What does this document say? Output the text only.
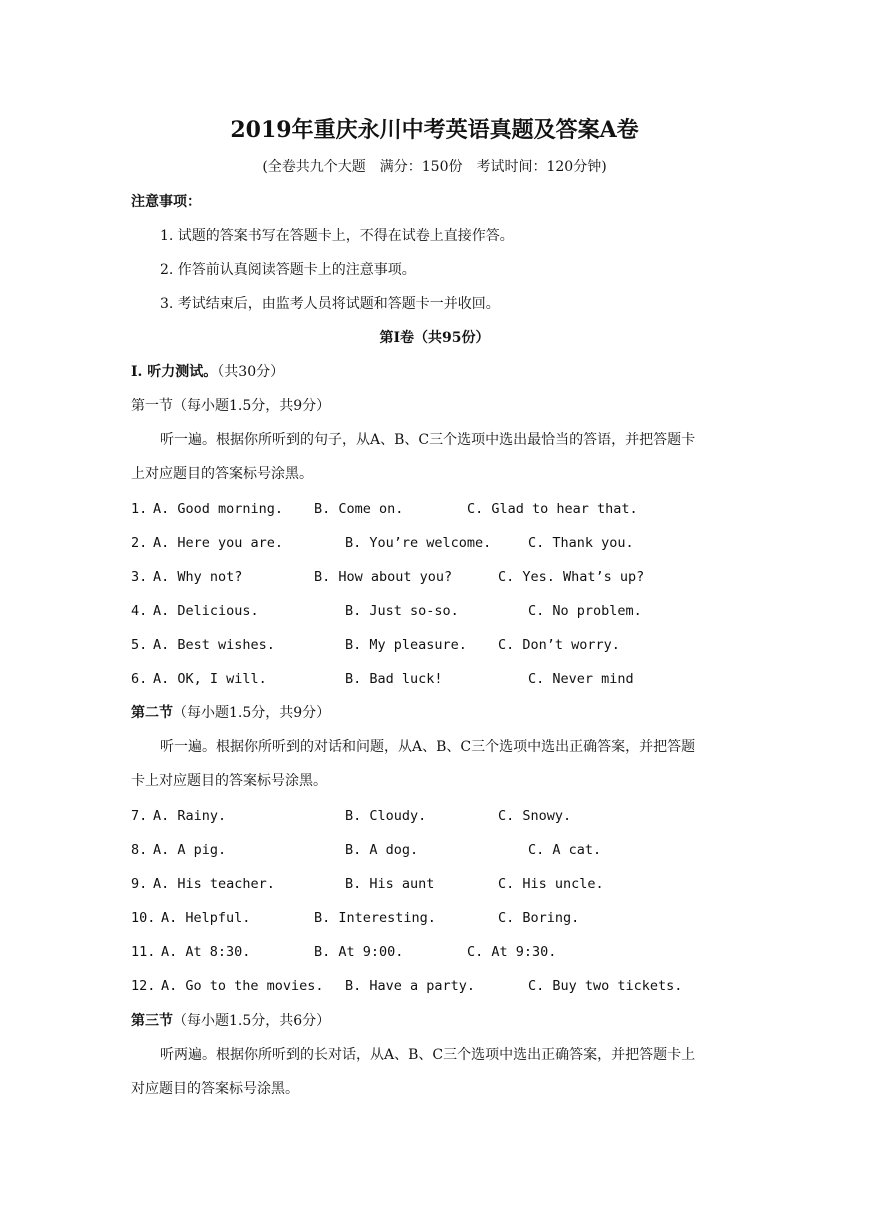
2019年重庆永川中考英语真题及答案A卷
(全卷共九个大题　满分：150份　考试时间：120分钟)
注意事项：
1. 试题的答案书写在答题卡上，不得在试卷上直接作答。
2. 作答前认真阅读答题卡上的注意事项。
3. 考试结束后，由监考人员将试题和答题卡一并收回。
第Ⅰ卷（共95份）
Ⅰ. 听力测试。（共30分）
第一节（每小题1.5分，共9分）
听一遍。根据你所听到的句子，从A、B、C三个选项中选出最恰当的答语，并把答题卡
上对应题目的答案标号涂黑。
1. A. Good morning. B. Come on.	C. Glad to hear that.
2. A. Here you are.	B. You’re welcome.	C. Thank you.
3. A. Why not?	B. How about you?	C. Yes. What’s up?
4. A. Delicious.	B. Just so-so.	C. No problem.
5. A. Best wishes.	B. My pleasure. C. Don’t worry.
6. A. OK, I will.	B. Bad luck!	C. Never mind
第二节（每小题1.5分，共9分）
听一遍。根据你所听到的对话和问题，从A、B、C三个选项中选出正确答案，并把答题
卡上对应题目的答案标号涂黑。
7. A. Rainy.	B. Cloudy.	C. Snowy.
8. A. A pig.	B. A dog.	C. A cat.
9. A. His teacher.	B. His aunt	C. His uncle.
10. A. Helpful.	B. Interesting.	C. Boring.
11. A. At 8:30.	B. At 9:00.	C. At 9:30.
12. A. Go to the movies. B. Have a party.	C. Buy two tickets.
第三节（每小题1.5分，共6分）
听两遍。根据你所听到的长对话，从A、B、C三个选项中选出正确答案，并把答题卡上
对应题目的答案标号涂黑。
